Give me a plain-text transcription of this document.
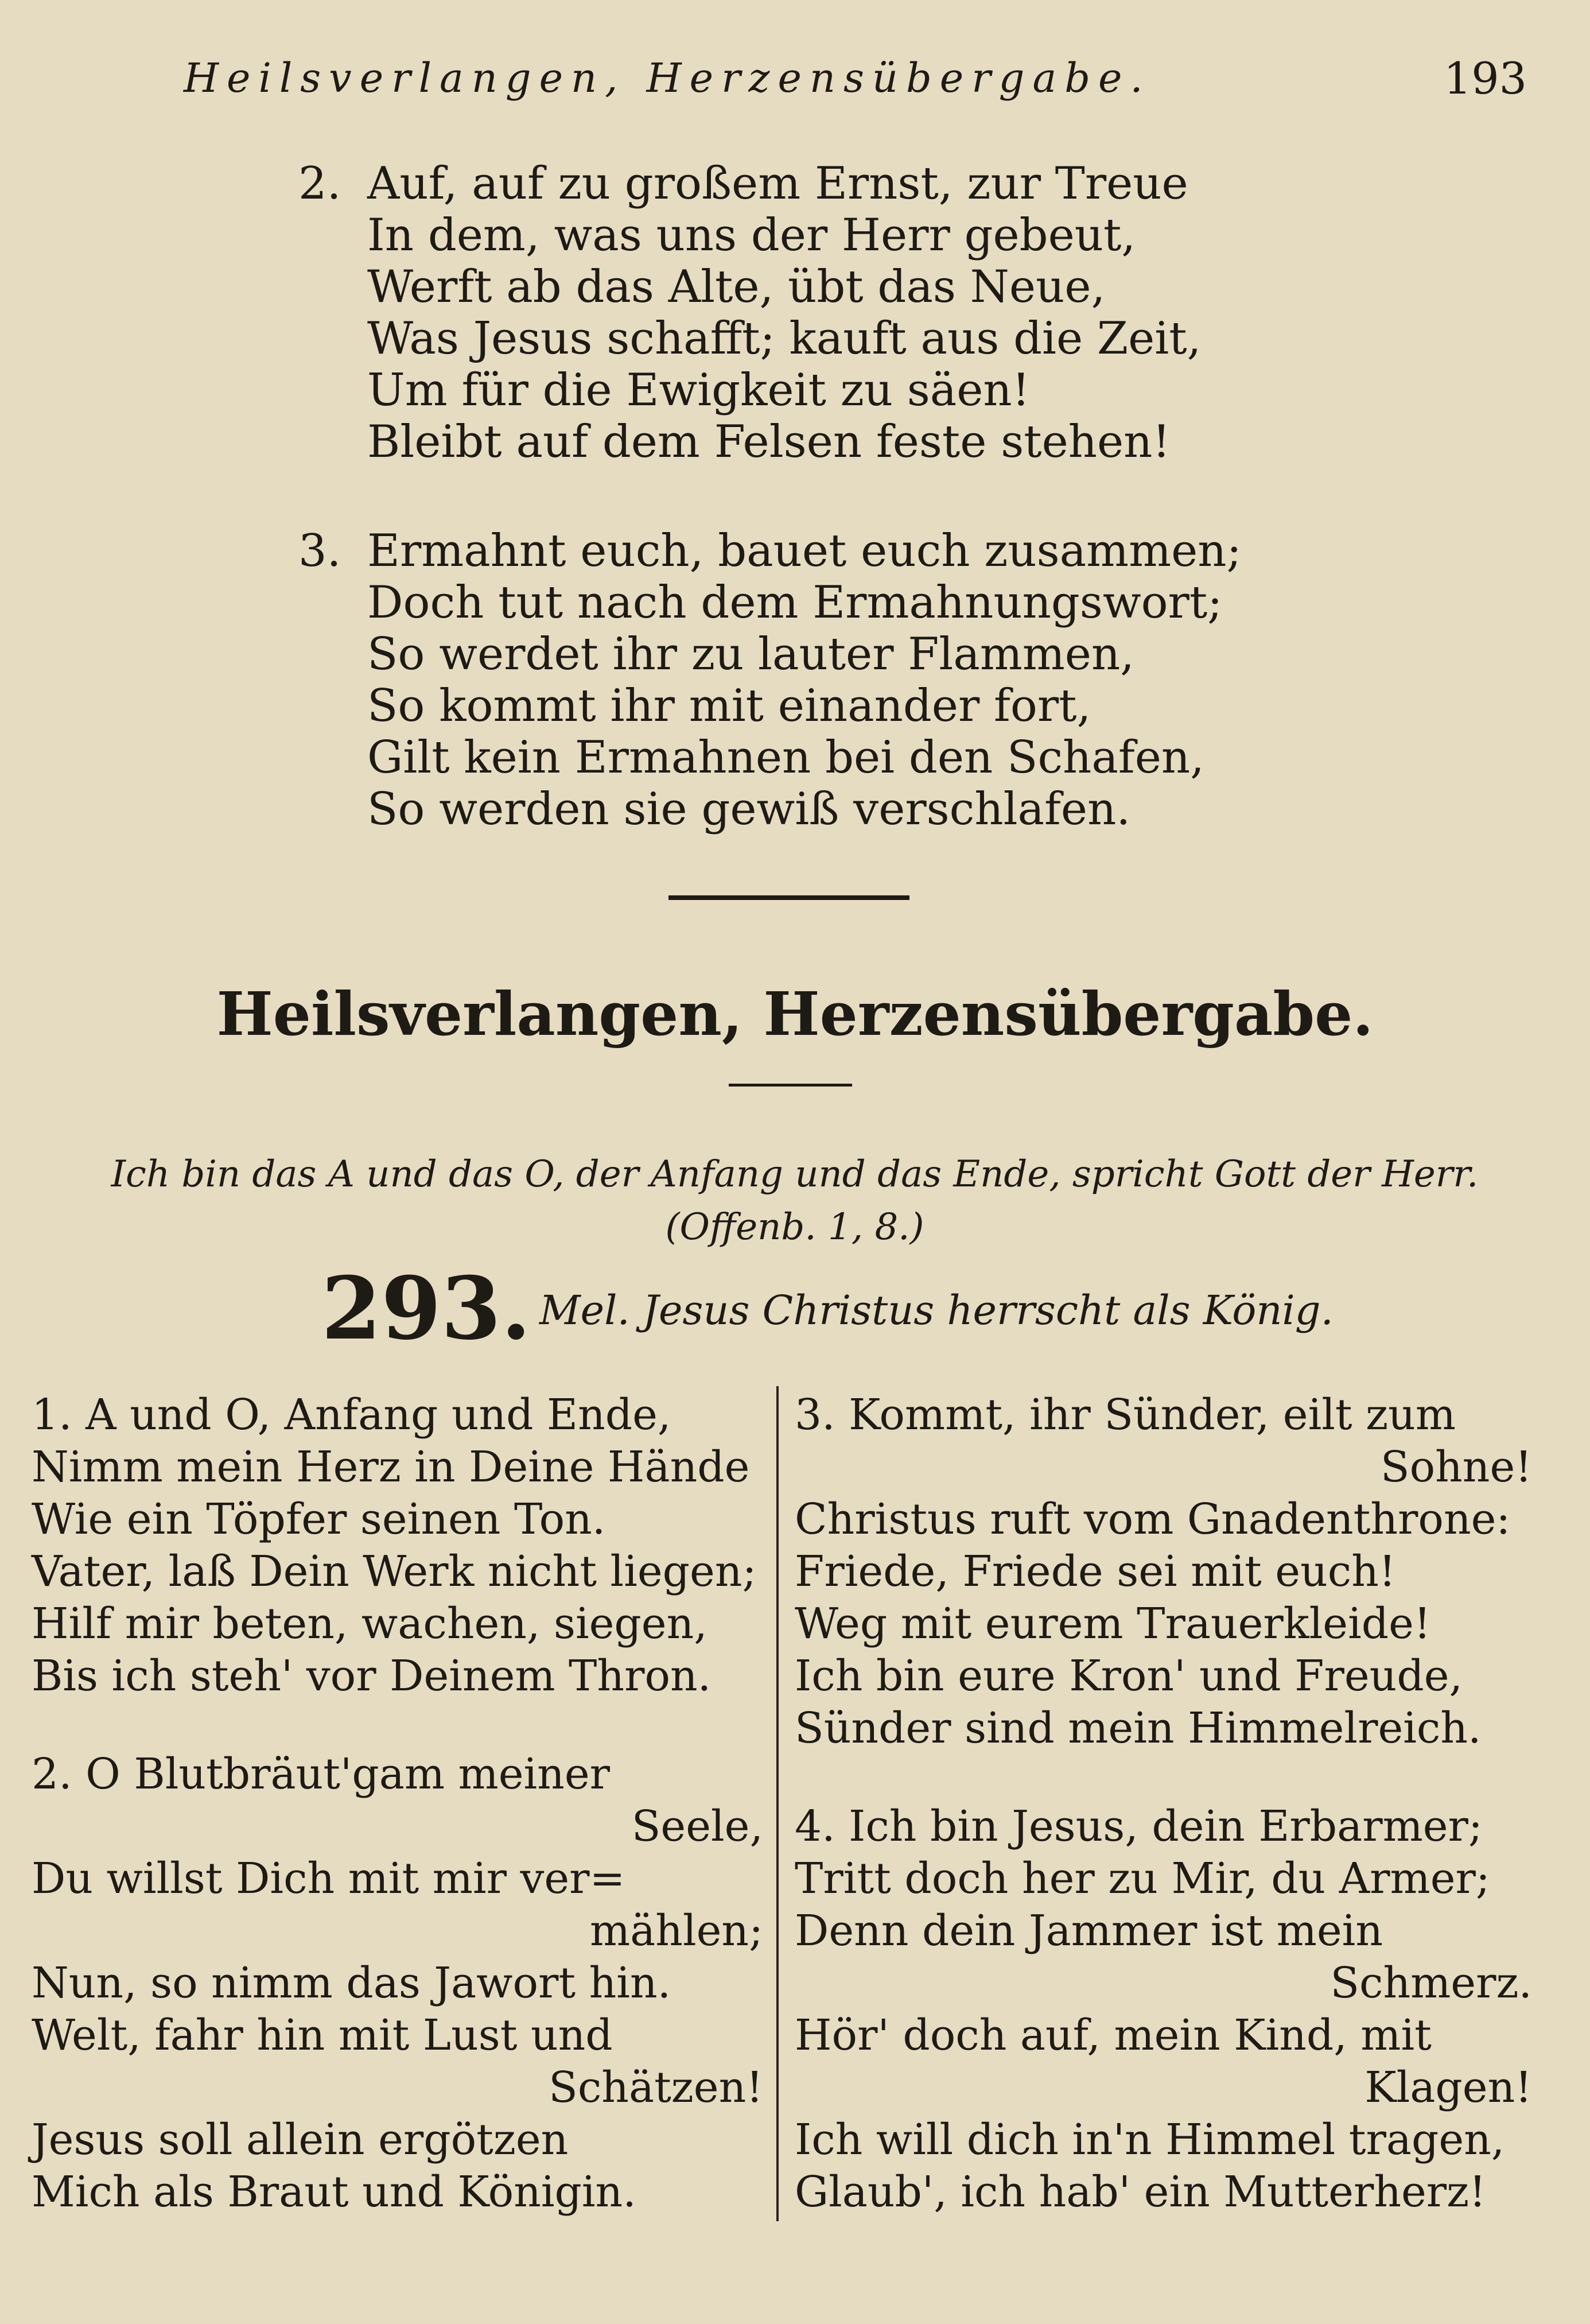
Heilsverlangen, Herzensübergabe.	193
2. Auf, auf zu großem Ernst, zur Treue
In dem, was uns der Herr gebeut,
Werft ab das Alte, übt das Neue,
Was Jesus schafft; kauft aus die Zeit,
Um für die Ewigkeit zu säen!
Bleibt auf dem Felsen feste stehen!
3. Ermahnt euch, bauet euch zusammen;
Doch tut nach dem Ermahnungswort;
So werdet ihr zu lauter Flammen,
So kommt ihr mit einander fort,
Gilt kein Ermahnen bei den Schafen,
So werden sie gewiß verschlafen.
Heilsverlangen, Herzensübergabe.
Ich bin das A und das O, der Anfang und das Ende, spricht Gott der Herr.
(Offenb. 1, 8.)
293. Mel. Jesus Christus herrscht als König.
1. A und O, Anfang und Ende,
Nimm mein Herz in Deine Hände
Wie ein Töpfer seinen Ton.
Vater, laß Dein Werk nicht liegen;
Hilf mir beten, wachen, siegen,
Bis ich steh' vor Deinem Thron.
2. O Blutbräut'gam meiner
Seele,
Du willst Dich mit mir ver=
mählen;
Nun, so nimm das Jawort hin.
Welt, fahr hin mit Lust und
Schätzen!
Jesus soll allein ergötzen
Mich als Braut und Königin.
3. Kommt, ihr Sünder, eilt zum
Sohne!
Christus ruft vom Gnadenthrone:
Friede, Friede sei mit euch!
Weg mit eurem Trauerkleide!
Ich bin eure Kron' und Freude,
Sünder sind mein Himmelreich.
4. Ich bin Jesus, dein Erbarmer;
Tritt doch her zu Mir, du Armer;
Denn dein Jammer ist mein
Schmerz.
Hör' doch auf, mein Kind, mit
Klagen!
Ich will dich in'n Himmel tragen,
Glaub', ich hab' ein Mutterherz!
